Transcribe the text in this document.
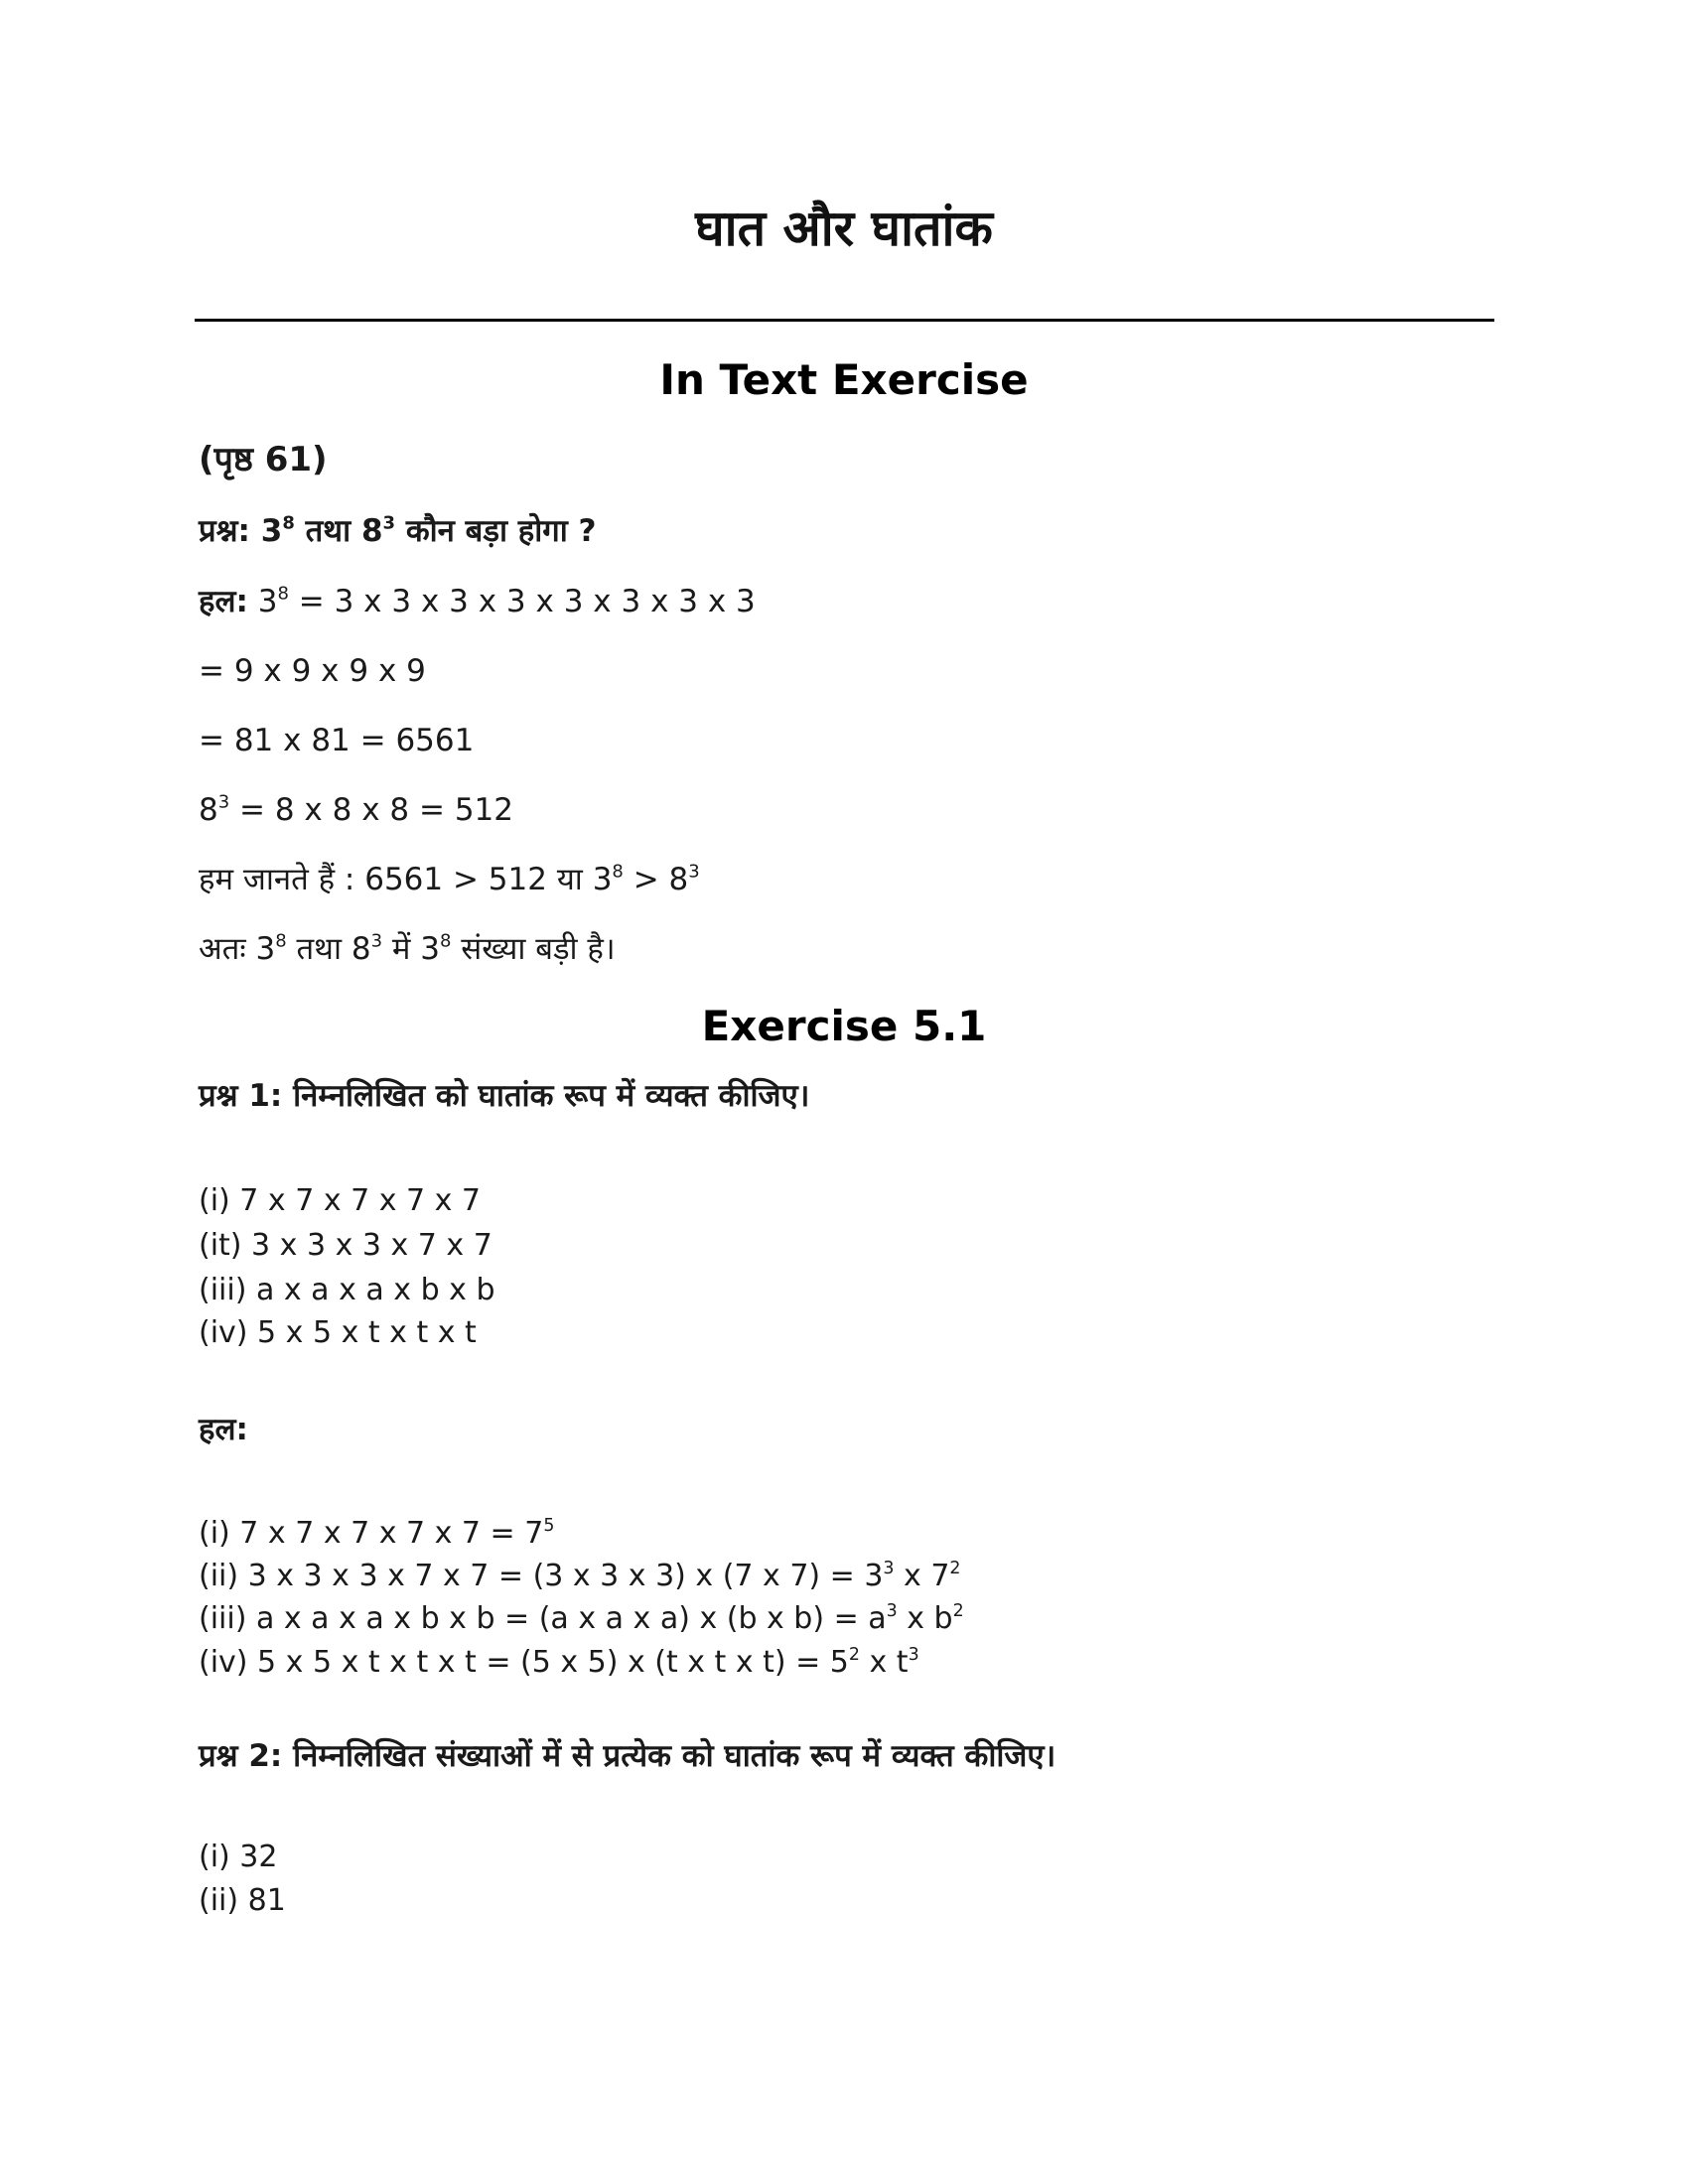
घात और घातांक
In Text Exercise
(पृष्ठ 61)
प्रश्न: $3^8$ तथा $8^3$ कौन बड़ा होगा ?
हल: $3^8 = 3$ x 3 x 3 x 3 x 3 x 3 x 3 x 3
= 9 x 9 x 9 x 9
= 81 x 81 = 6561
$8^3 = 8$ x 8 x 8 = 512
हम जानते हैं : 6561 > 512 या $3^8 > 8^3$
अतः $3^8$ तथा $8^3$ में $3^8$ संख्या बड़ी है।
Exercise 5.1
प्रश्न 1: निम्नलिखित को घातांक रूप में व्यक्त कीजिए।
(i) 7 x 7 x 7 x 7 x 7
(it) 3 x 3 x 3 x 7 x 7
(iii) a x a x a x b x b
(iv) 5 x 5 x t x t x t
हल:
(i) 7 x 7 x 7 x 7 x $7 = 7^5$
(ii) 3 x 3 x 3 x 7 x 7 = (3 x 3 x 3) x (7 x $7) = 3^3$ x $7^2$
(iii) a x a x a x b x b = (a x a x a) x (b x $b) = a^3$ x $b^2$
(iv) 5 x 5 x t x t x t = (5 x 5) x (t x t x $t) = 5^2$ x $t^3$
प्रश्न 2: निम्नलिखित संख्याओं में से प्रत्येक को घातांक रूप में व्यक्त कीजिए।
(i) 32
(ii) 81
